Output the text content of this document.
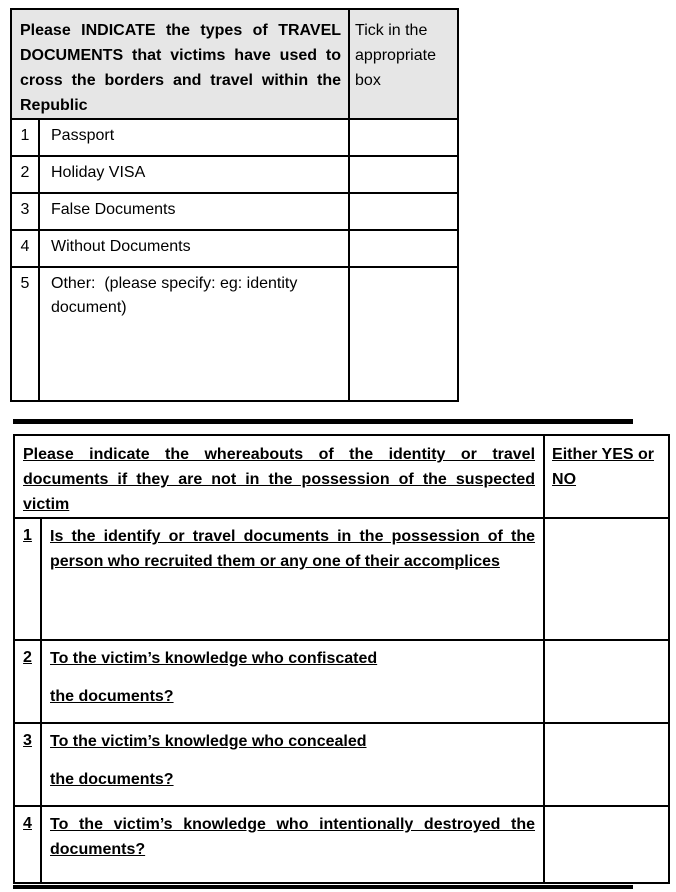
Please INDICATE the types of TRAVEL DOCUMENTS that victims have used to cross the borders and travel within the Republic		Tick in the appropriate box
1	Passport	
2	Holiday VISA	
3	False Documents	
4	Without Documents	
5	Other:  (please specify: eg: identity document)	
Please indicate the whereabouts of the identity or travel documents if they are not in the possession of the suspected victim		Either YES or NO
1	Is the identify or travel documents in the possession of the person who recruited them or any one of their accomplices	

2	To the victim’s knowledge who confiscated

the documents?	

3	To the victim’s knowledge who concealed

the documents?	

4	To the victim’s knowledge who intentionally destroyed the documents?	
